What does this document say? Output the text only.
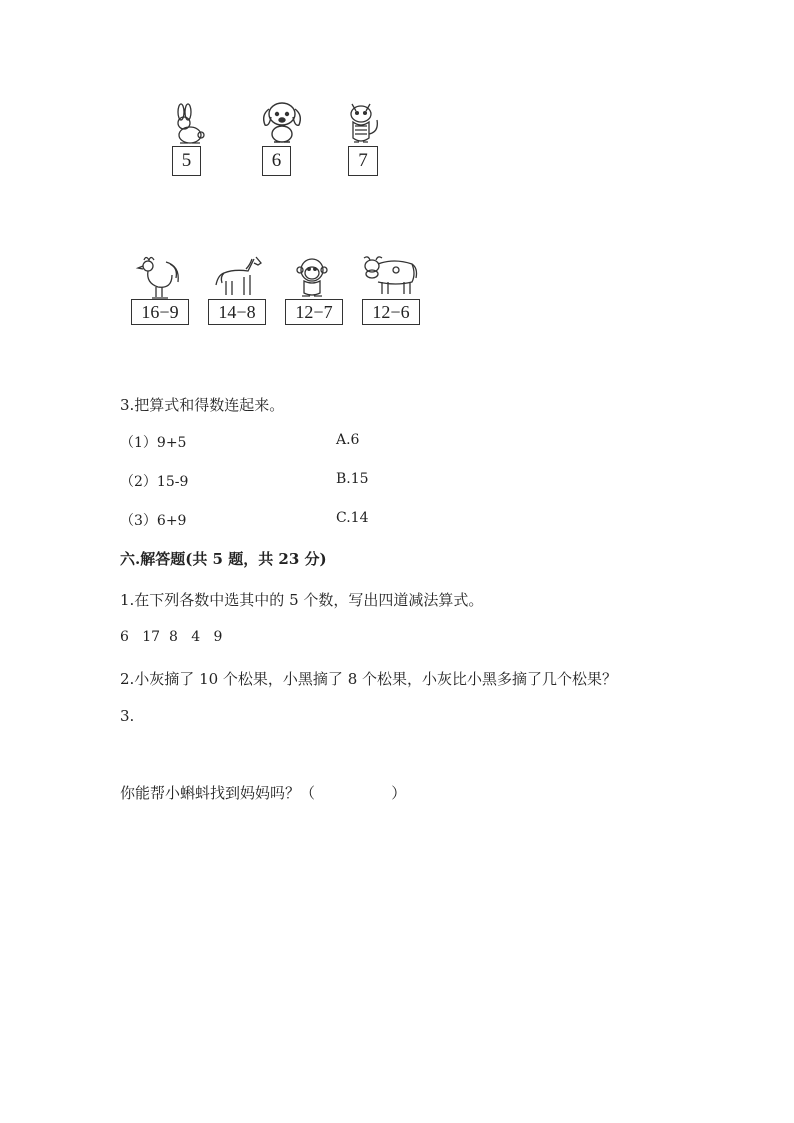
5	6	7
16−9	14−8	12−7	12−6
3.把算式和得数连起来。
（1）9+5	A.6
（2）15-9	B.15
（3）6+9	C.14
六.解答题(共 5 题，共 23 分)
1.在下列各数中选其中的 5 个数，写出四道减法算式。
6   17  8   4   9
2.小灰摘了 10 个松果，小黑摘了 8 个松果，小灰比小黑多摘了几个松果？
3.
你能帮小蝌蚪找到妈妈吗？（                ）
